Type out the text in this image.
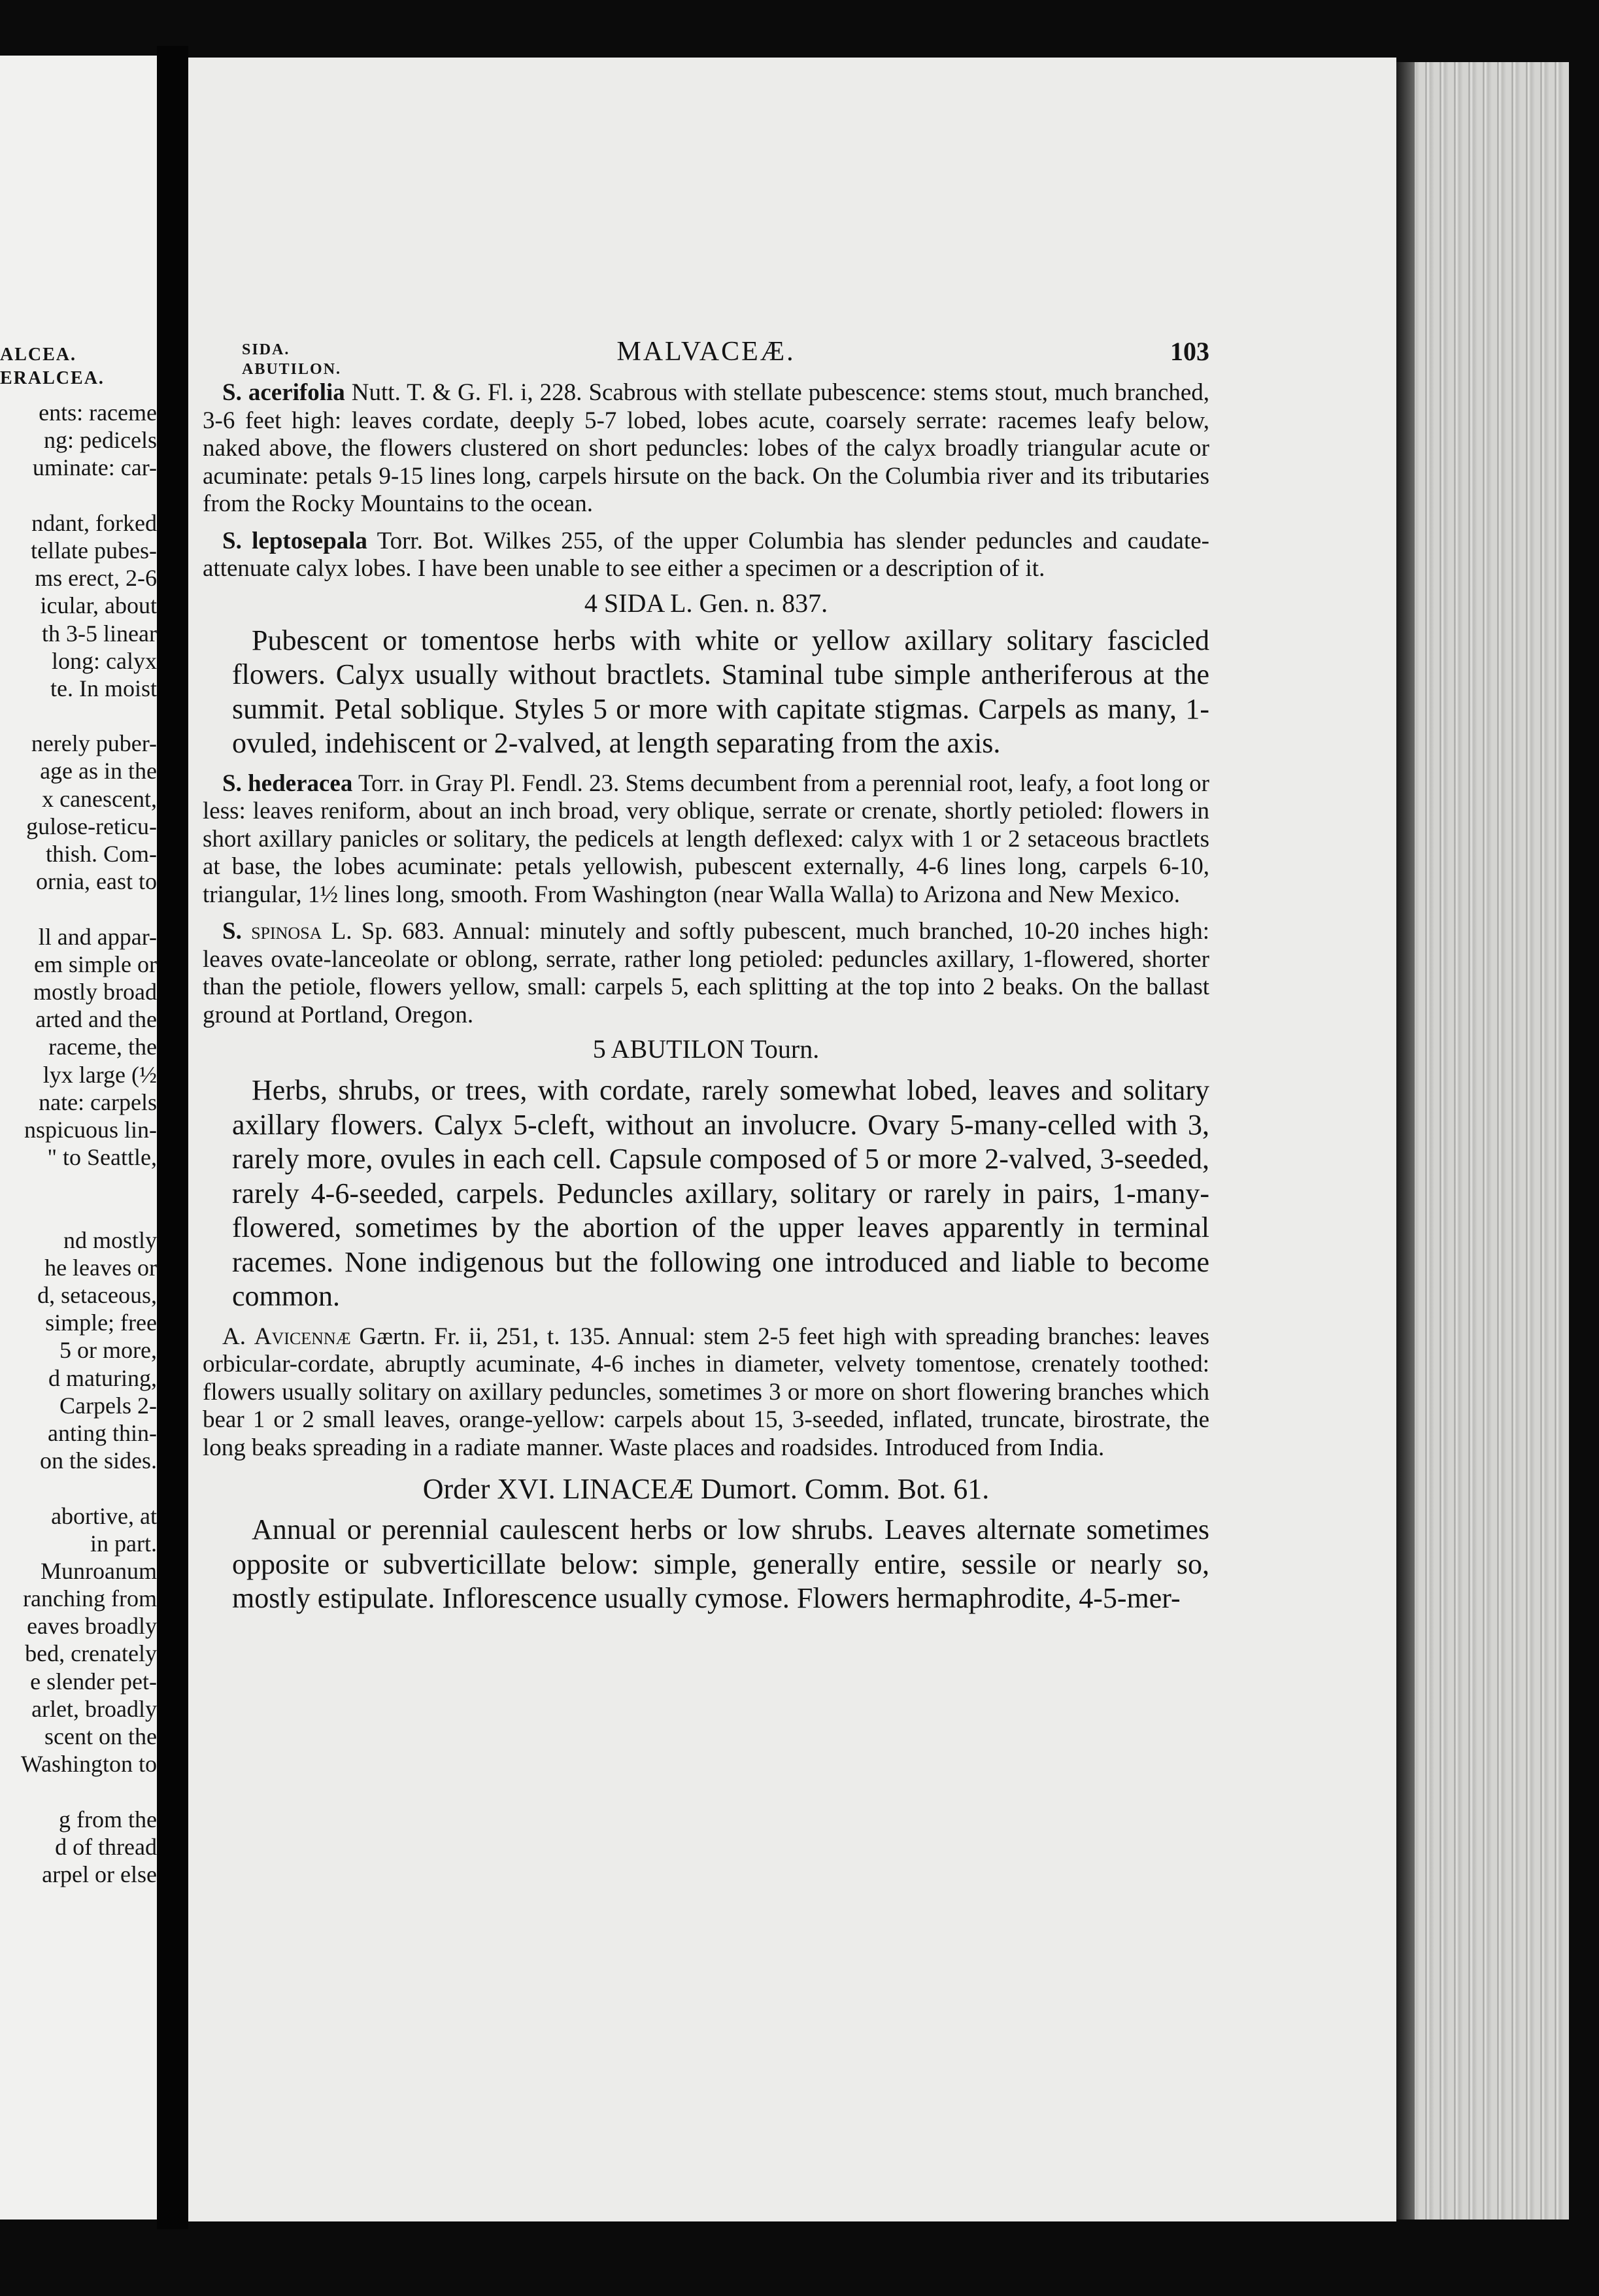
ALCEA.
ERALCEA.
ents: raceme
ng: pedicels
uminate: car-
ndant, forked
tellate pubes-
ms erect, 2-6
icular, about
th 3-5 linear
long: calyx
te. In moist
nerely puber-
age as in the
x canescent,
gulose-reticu-
thish. Com-
ornia, east to
ll and appar-
em simple or
mostly broad
arted and the
raceme, the
lyx large (½
nate: carpels
nspicuous lin-
" to Seattle,
nd mostly
he leaves or
d, setaceous,
simple; free
5 or more,
d maturing,
Carpels 2-
anting thin-
on the sides.
abortive, at
in part.
Munroanum
ranching from
eaves broadly
bed, crenately
e slender pet-
arlet, broadly
scent on the
Washington to
g from the
d of thread
arpel or else
SIDA.
ABUTILON.
MALVACEÆ.	103

S. acerifolia Nutt. T. & G. Fl. i, 228. Scabrous with stellate pubescence: stems stout, much branched, 3-6 feet high: leaves cordate, deeply 5-7 lobed, lobes acute, coarsely serrate: racemes leafy below, naked above, the flowers clustered on short peduncles: lobes of the calyx broadly triangular acute or acuminate: petals 9-15 lines long, carpels hirsute on the back. On the Columbia river and its tributaries from the Rocky Mountains to the ocean.

S. leptosepala Torr. Bot. Wilkes 255, of the upper Columbia has slender peduncles and caudate-attenuate calyx lobes. I have been unable to see either a specimen or a description of it.

4 SIDA L. Gen. n. 837.

Pubescent or tomentose herbs with white or yellow axillary solitary fascicled flowers. Calyx usually without bractlets. Staminal tube simple antheriferous at the summit. Petal soblique. Styles 5 or more with capitate stigmas. Carpels as many, 1-ovuled, indehiscent or 2-valved, at length separating from the axis.

S. hederacea Torr. in Gray Pl. Fendl. 23. Stems decumbent from a perennial root, leafy, a foot long or less: leaves reniform, about an inch broad, very oblique, serrate or crenate, shortly petioled: flowers in short axillary panicles or solitary, the pedicels at length deflexed: calyx with 1 or 2 setaceous bractlets at base, the lobes acuminate: petals yellowish, pubescent externally, 4-6 lines long, carpels 6-10, triangular, 1½ lines long, smooth. From Washington (near Walla Walla) to Arizona and New Mexico.

S. spinosa L. Sp. 683. Annual: minutely and softly pubescent, much branched, 10-20 inches high: leaves ovate-lanceolate or oblong, serrate, rather long petioled: peduncles axillary, 1-flowered, shorter than the petiole, flowers yellow, small: carpels 5, each splitting at the top into 2 beaks. On the ballast ground at Portland, Oregon.

5 ABUTILON Tourn.

Herbs, shrubs, or trees, with cordate, rarely somewhat lobed, leaves and solitary axillary flowers. Calyx 5-cleft, without an involucre. Ovary 5-many-celled with 3, rarely more, ovules in each cell. Capsule composed of 5 or more 2-valved, 3-seeded, rarely 4-6-seeded, carpels. Peduncles axillary, solitary or rarely in pairs, 1-many-flowered, sometimes by the abortion of the upper leaves apparently in terminal racemes. None indigenous but the following one introduced and liable to become common.

A. Avicennæ Gærtn. Fr. ii, 251, t. 135. Annual: stem 2-5 feet high with spreading branches: leaves orbicular-cordate, abruptly acuminate, 4-6 inches in diameter, velvety tomentose, crenately toothed: flowers usually solitary on axillary peduncles, sometimes 3 or more on short flowering branches which bear 1 or 2 small leaves, orange-yellow: carpels about 15, 3-seeded, inflated, truncate, birostrate, the long beaks spreading in a radiate manner. Waste places and roadsides. Introduced from India.

Order XVI. LINACEÆ Dumort. Comm. Bot. 61.

Annual or perennial caulescent herbs or low shrubs. Leaves alternate sometimes opposite or subverticillate below: simple, generally entire, sessile or nearly so, mostly estipulate. Inflorescence usually cymose. Flowers hermaphrodite, 4-5-mer-
